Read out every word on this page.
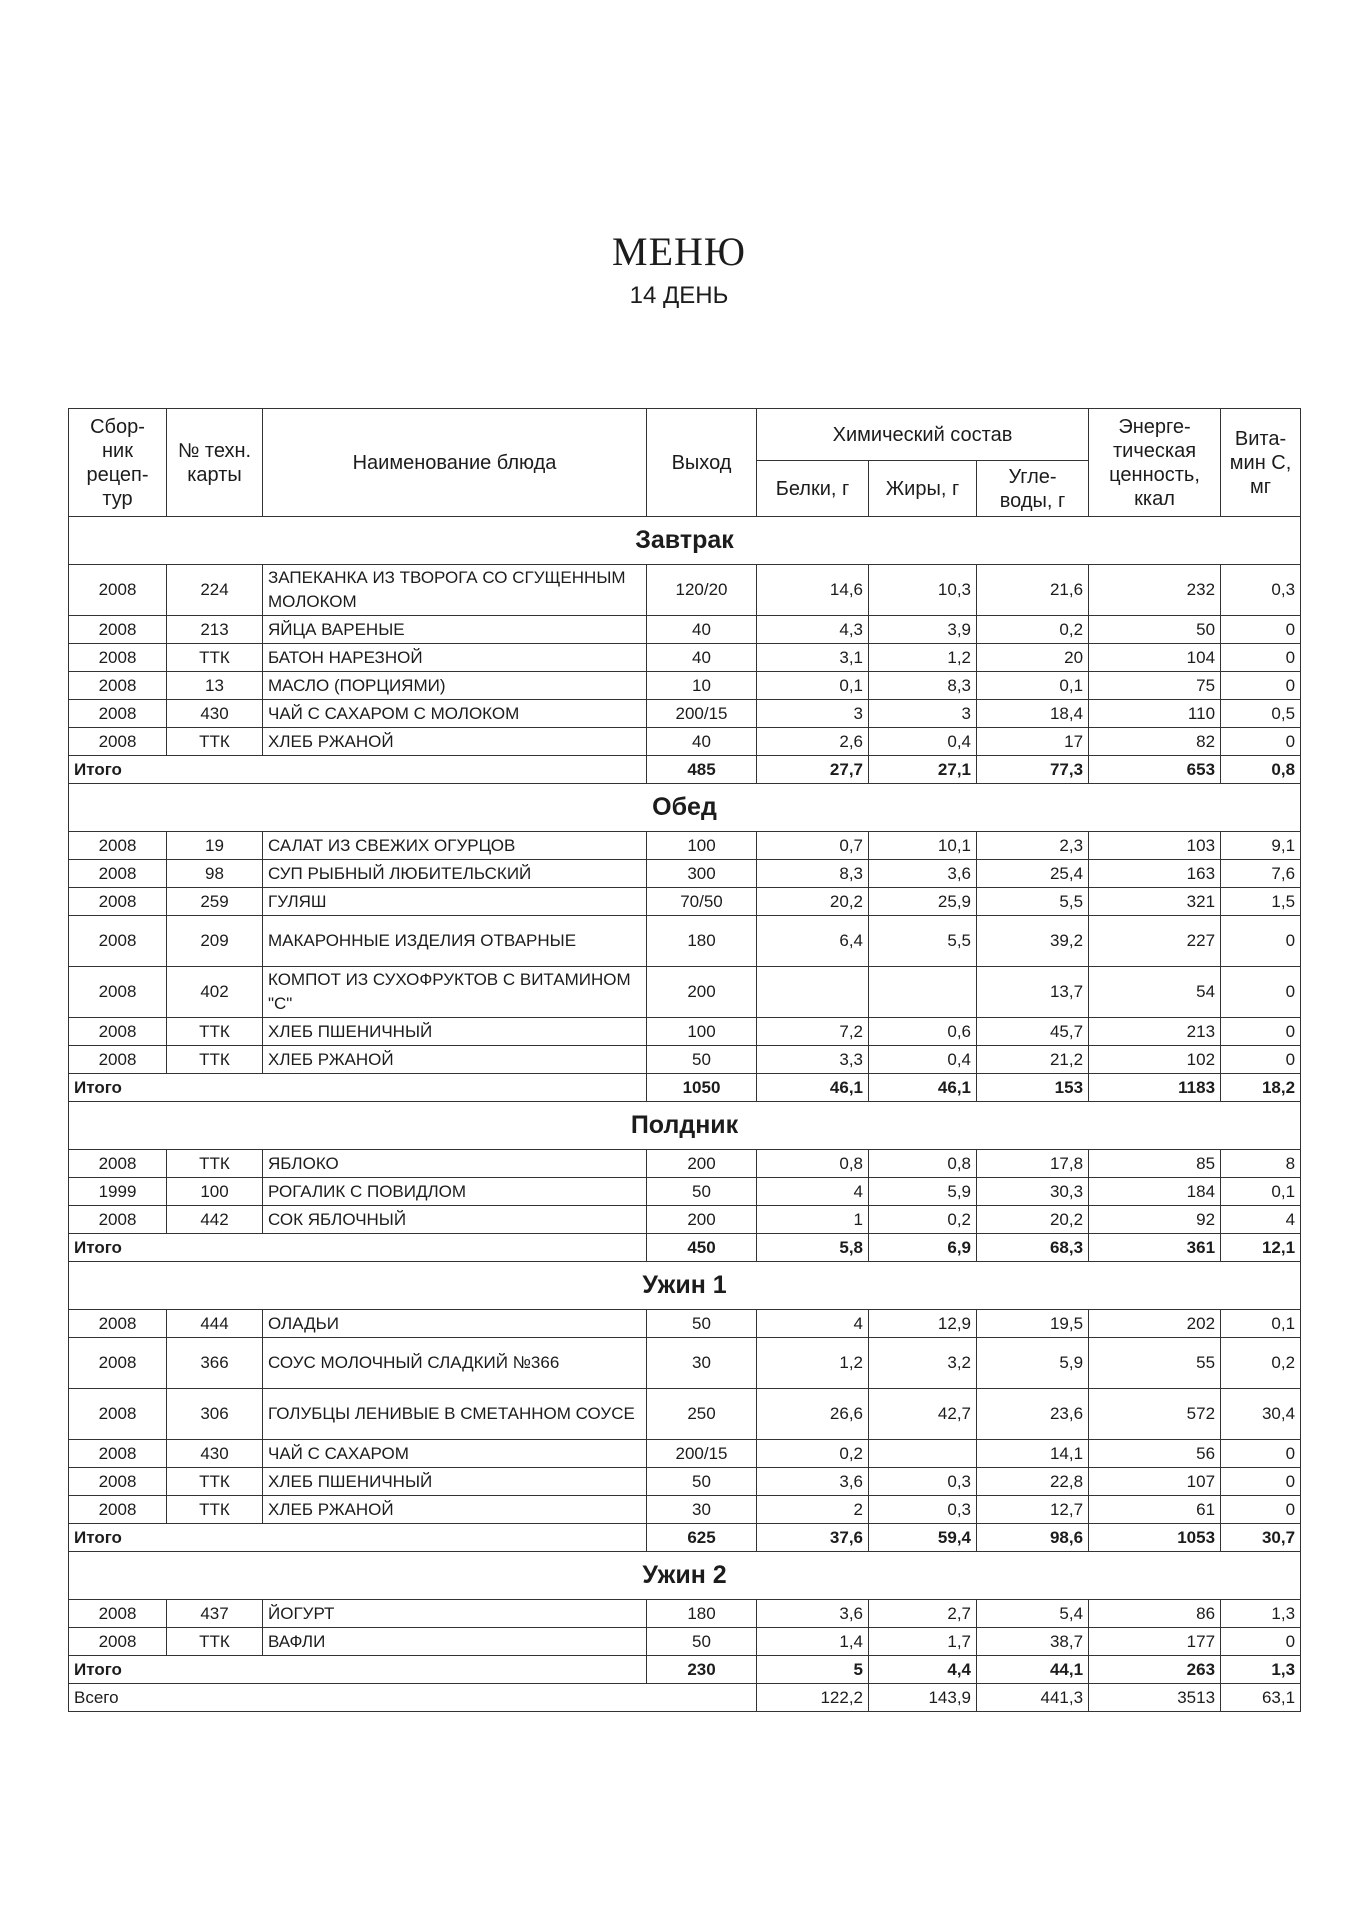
МЕНЮ
14 ДЕНЬ
Сбор- ник рецеп- тур	№ техн. карты	Наименование блюда	Выход	Химический состав			Энерге- тическая ценность, ккал	Вита- мин С, мг
				Белки, г	Жиры, г	Угле- воды, г		
Завтрак								
2008	224	ЗАПЕКАНКА ИЗ ТВОРОГА СО СГУЩЕННЫМ МОЛОКОМ	120/20	14,6	10,3	21,6	232	0,3
2008	213	ЯЙЦА ВАРЕНЫЕ	40	4,3	3,9	0,2	50	0
2008	ТТК	БАТОН НАРЕЗНОЙ	40	3,1	1,2	20	104	0
2008	13	МАСЛО (ПОРЦИЯМИ)	10	0,1	8,3	0,1	75	0
2008	430	ЧАЙ С САХАРОМ С МОЛОКОМ	200/15	3	3	18,4	110	0,5
2008	ТТК	ХЛЕБ РЖАНОЙ	40	2,6	0,4	17	82	0
Итого			485	27,7	27,1	77,3	653	0,8
Обед								
2008	19	САЛАТ ИЗ СВЕЖИХ ОГУРЦОВ	100	0,7	10,1	2,3	103	9,1
2008	98	СУП РЫБНЫЙ ЛЮБИТЕЛЬСКИЙ	300	8,3	3,6	25,4	163	7,6
2008	259	ГУЛЯШ	70/50	20,2	25,9	5,5	321	1,5
2008	209	МАКАРОННЫЕ ИЗДЕЛИЯ ОТВАРНЫЕ	180	6,4	5,5	39,2	227	0
2008	402	КОМПОТ ИЗ СУХОФРУКТОВ С ВИТАМИНОМ "С"	200			13,7	54	0
2008	ТТК	ХЛЕБ ПШЕНИЧНЫЙ	100	7,2	0,6	45,7	213	0
2008	ТТК	ХЛЕБ РЖАНОЙ	50	3,3	0,4	21,2	102	0
Итого			1050	46,1	46,1	153	1183	18,2
Полдник								
2008	ТТК	ЯБЛОКО	200	0,8	0,8	17,8	85	8
1999	100	РОГАЛИК С ПОВИДЛОМ	50	4	5,9	30,3	184	0,1
2008	442	СОК ЯБЛОЧНЫЙ	200	1	0,2	20,2	92	4
Итого			450	5,8	6,9	68,3	361	12,1
Ужин 1								
2008	444	ОЛАДЬИ	50	4	12,9	19,5	202	0,1
2008	366	СОУС МОЛОЧНЫЙ СЛАДКИЙ №366	30	1,2	3,2	5,9	55	0,2
2008	306	ГОЛУБЦЫ ЛЕНИВЫЕ В СМЕТАННОМ СОУСЕ	250	26,6	42,7	23,6	572	30,4
2008	430	ЧАЙ С САХАРОМ	200/15	0,2		14,1	56	0
2008	ТТК	ХЛЕБ ПШЕНИЧНЫЙ	50	3,6	0,3	22,8	107	0
2008	ТТК	ХЛЕБ РЖАНОЙ	30	2	0,3	12,7	61	0
Итого			625	37,6	59,4	98,6	1053	30,7
Ужин 2								
2008	437	ЙОГУРТ	180	3,6	2,7	5,4	86	1,3
2008	ТТК	ВАФЛИ	50	1,4	1,7	38,7	177	0
Итого			230	5	4,4	44,1	263	1,3
Всего				122,2	143,9	441,3	3513	63,1
